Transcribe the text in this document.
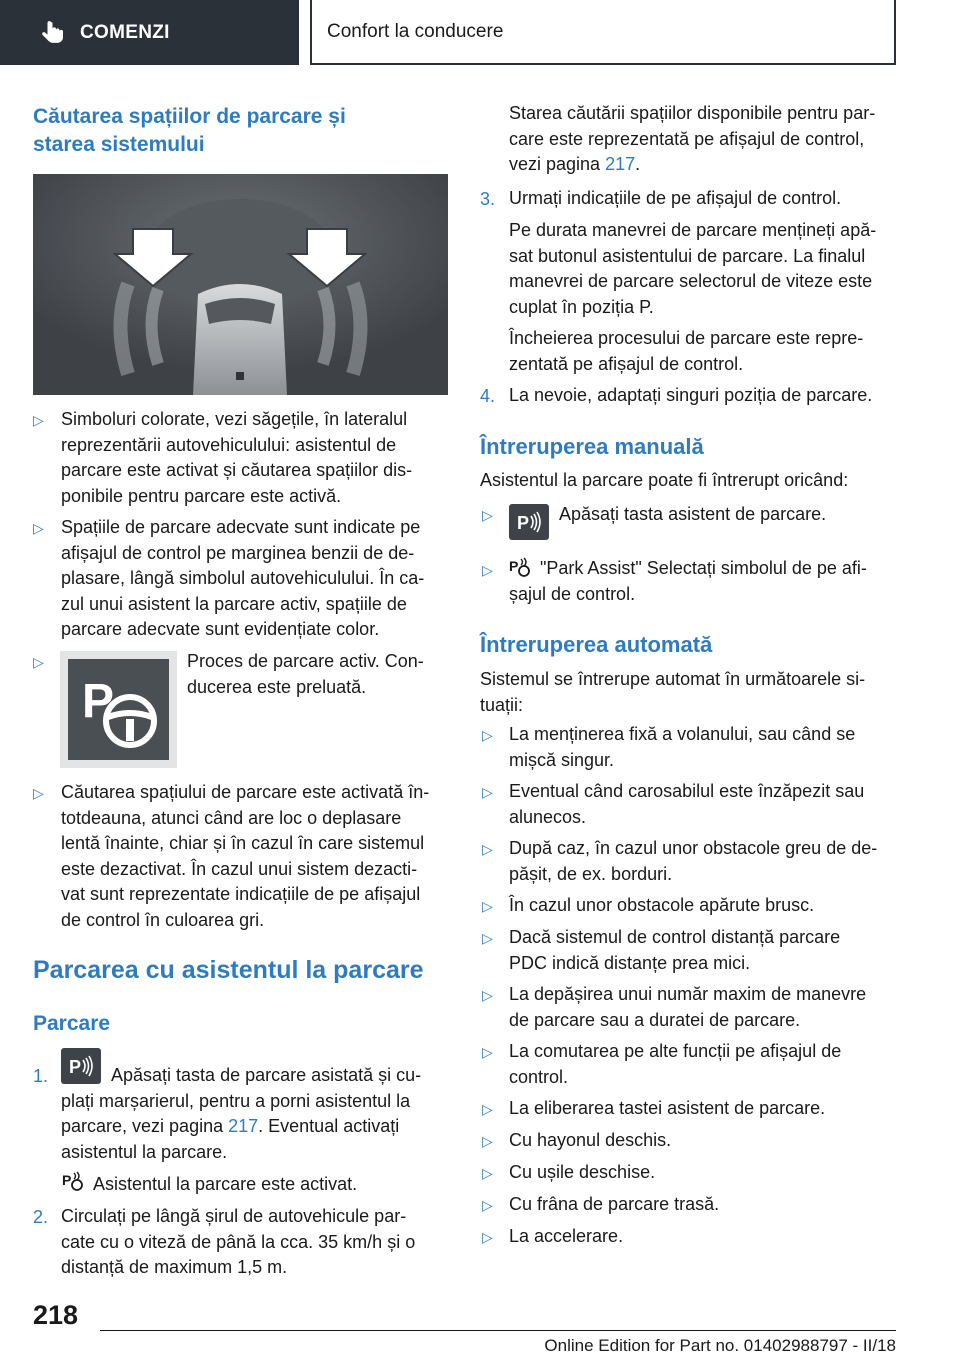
COMENZI	Confort la conducere
Căutarea spațiilor de parcare și
starea sistemului
▷ Simboluri colorate, vezi săgețile, în lateralul
reprezentării autovehiculului: asistentul de
parcare este activat și căutarea spațiilor dis-
ponibile pentru parcare este activă.
▷ Spațiile de parcare adecvate sunt indicate pe
afișajul de control pe marginea benzii de de-
plasare, lângă simbolul autovehiculului. În ca-
zul unui asistent la parcare activ, spațiile de
parcare adecvate sunt evidențiate color.
▷
P
Proces de parcare activ. Con-
ducerea este preluată.
▷ Căutarea spațiului de parcare este activată în-
totdeauna, atunci când are loc o deplasare
lentă înainte, chiar și în cazul în care sistemul
este dezactivat. În cazul unui sistem dezacti-
vat sunt reprezentate indicațiile de pe afișajul
de control în culoarea gri.
Parcarea cu asistentul la parcare
Parcare
1. P	Apăsați tasta de parcare asistată și cu-
plați marșarierul, pentru a porni asistentul la
parcare, vezi pagina 217. Eventual activați
asistentul la parcare.
P Asistentul la parcare este activat.
2. Circulați pe lângă șirul de autovehicule par-
cate cu o viteză de până la cca. 35 km/h și o
distanță de maximum 1,5 m.
Starea căutării spațiilor disponibile pentru par-
care este reprezentată pe afișajul de control,
vezi pagina 217.
3. Urmați indicațiile de pe afișajul de control.
Pe durata manevrei de parcare mențineți apă-
sat butonul asistentului de parcare. La finalul
manevrei de parcare selectorul de viteze este
cuplat în poziția P.
Încheierea procesului de parcare este repre-
zentată pe afișajul de control.
4. La nevoie, adaptați singuri poziția de parcare.
Întreruperea manuală
Asistentul la parcare poate fi întrerupt oricând:
▷ P Apăsați tasta asistent de parcare.
▷ P	"Park Assist" Selectați simbolul de pe afi-
șajul de control.
Întreruperea automată
Sistemul se întrerupe automat în următoarele si-
tuații:
▷ La menținerea fixă a volanului, sau când se
mișcă singur.
▷ Eventual când carosabilul este înzăpezit sau
alunecos.
▷ După caz, în cazul unor obstacole greu de de-
pășit, de ex. borduri.
▷ În cazul unor obstacole apărute brusc.
▷ Dacă sistemul de control distanță parcare
PDC indică distanțe prea mici.
▷ La depășirea unui număr maxim de manevre
de parcare sau a duratei de parcare.
▷ La comutarea pe alte funcții pe afișajul de
control.
▷ La eliberarea tastei asistent de parcare.
▷ Cu hayonul deschis.
▷ Cu ușile deschise.
▷ Cu frâna de parcare trasă.
▷ La accelerare.
218
Online Edition for Part no. 01402988797 - II/18
